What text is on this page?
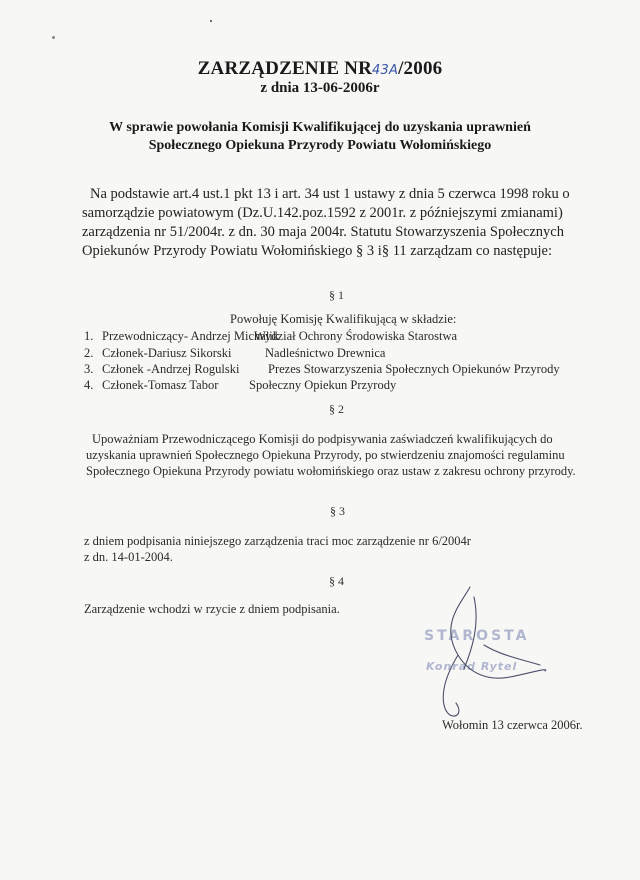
ZARZĄDZENIE NR43A/2006
z dnia 13-06-2006r
W sprawie powołania Komisji Kwalifikującej do uzyskania uprawnień
Społecznego Opiekuna Przyrody Powiatu Wołomińskiego
Na podstawie art.4 ust.1 pkt 13 i art. 34 ust 1 ustawy z dnia 5 czerwca 1998 roku o
samorządzie powiatowym (Dz.U.142.poz.1592 z 2001r. z późniejszymi zmianami)
zarządzenia nr 51/2004r. z dn. 30 maja 2004r. Statutu Stowarzyszenia Społecznych
Opiekunów Przyrody Powiatu Wołomińskiego § 3 i§ 11 zarządzam co następuje:
§ 1
Powołuję Komisję Kwalifikującą w składzie:
1. Przewodniczący- Andrzej MichalikWydział Ochrony Środowiska Starostwa
2. Członek-Dariusz Sikorski	Nadleśnictwo Drewnica
3. Członek -Andrzej Rogulski Prezes Stowarzyszenia Społecznych Opiekunów Przyrody
4. Członek-Tomasz Tabor Społeczny Opiekun Przyrody
§ 2
Upoważniam Przewodniczącego Komisji do podpisywania zaświadczeń kwalifikujących do
uzyskania uprawnień Społecznego Opiekuna Przyrody, po stwierdzeniu znajomości regulaminu
Społecznego Opiekuna Przyrody powiatu wołomińskiego oraz ustaw z zakresu ochrony przyrody.
§ 3
z dniem podpisania niniejszego zarządzenia traci moc zarządzenie nr 6/2004r
z dn. 14-01-2004.
§ 4
Zarządzenie wchodzi w rzycie z dniem podpisania.
STAROSTA
Konrad Rytel
Wołomin 13 czerwca 2006r.
